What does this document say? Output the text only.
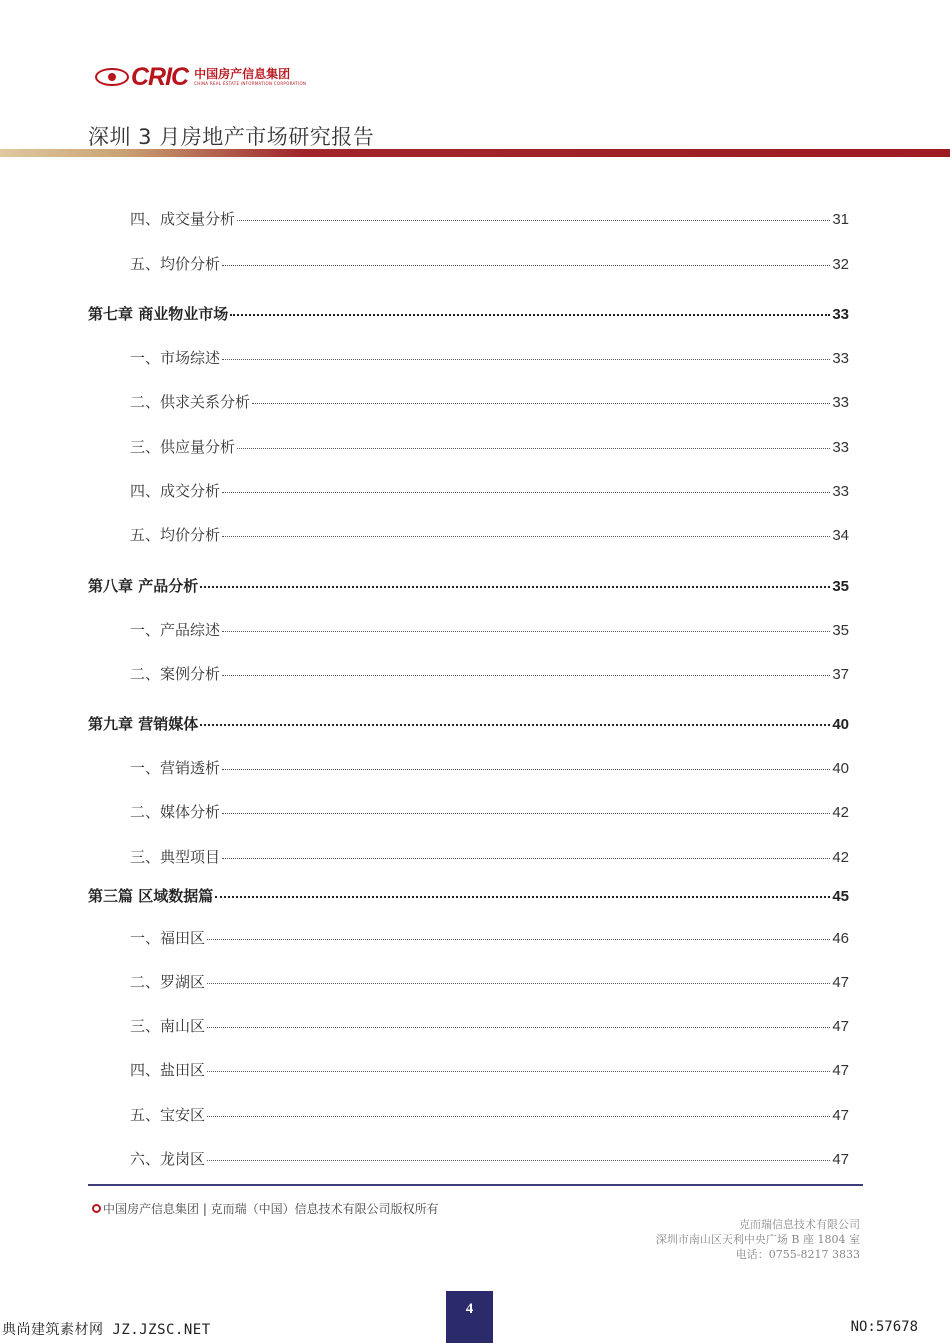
CRIC 中国房产信息集团
CHINA REAL ESTATE INFORMATION CORPORATION
深圳 3 月房地产市场研究报告
四、成交量分析	31
五、均价分析	32
第七章 商业物业市场	33
一、市场综述	33
二、供求关系分析	33
三、供应量分析	33
四、成交分析	33
五、均价分析	34
第八章 产品分析	35
一、产品综述	35
二、案例分析	37
第九章 营销媒体	40
一、营销透析	40
二、媒体分析	42
三、典型项目	42
第三篇 区域数据篇	45
一、福田区	46
二、罗湖区	47
三、南山区	47
四、盐田区	47
五、宝安区	47
六、龙岗区	47
中国房产信息集团 | 克而瑞（中国）信息技术有限公司版权所有
克而瑞信息技术有限公司
深圳市南山区天利中央广场 B 座 1804 室
电话：0755-8217 3833
4
典尚建筑素材网 JZ.JZSC.NET	NO:57678
